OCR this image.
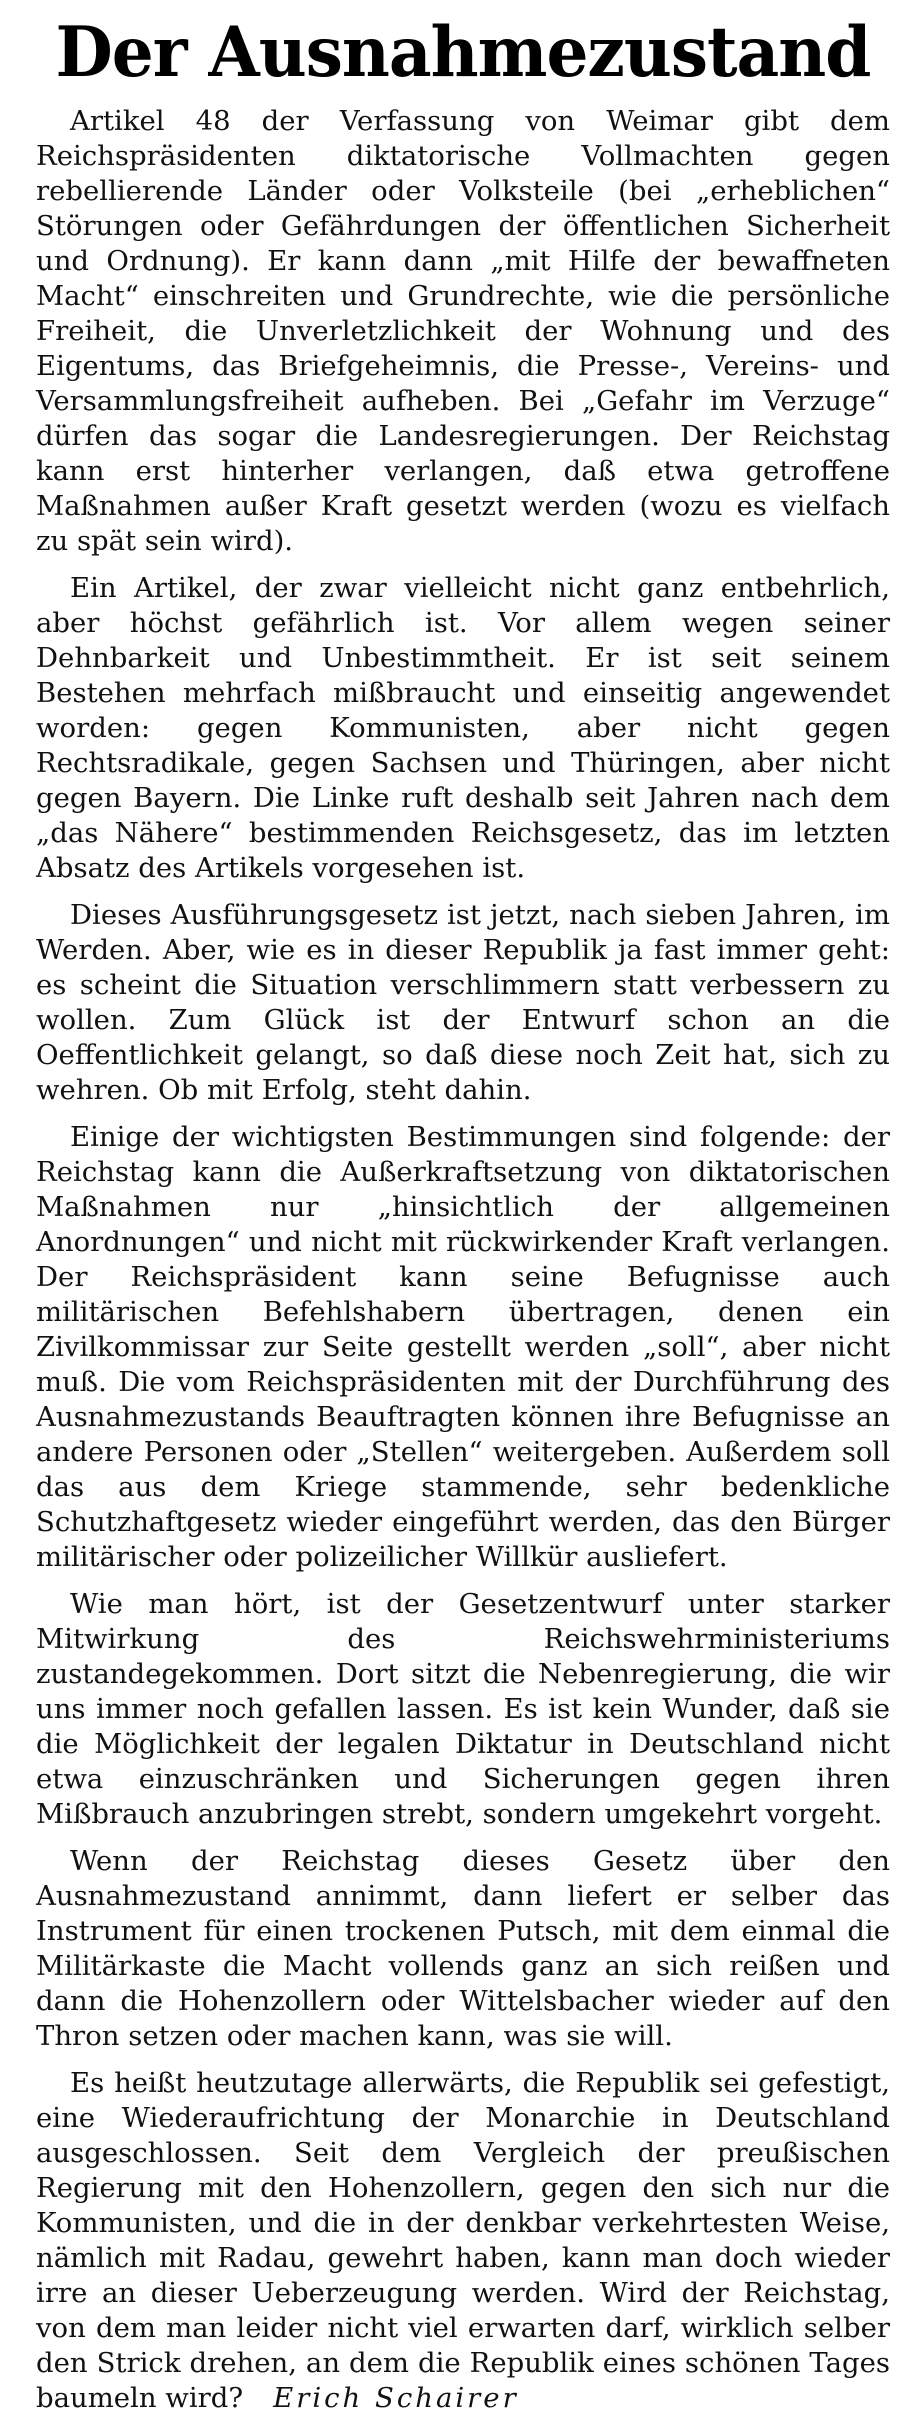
Der Ausnahmezustand

Artikel 48 der Verfassung von Weimar gibt dem Reichspräsidenten diktatorische Vollmachten gegen rebellierende Länder oder Volksteile (bei „erheblichen“ Störungen oder Gefährdungen der öffentlichen Sicherheit und Ordnung). Er kann dann „mit Hilfe der bewaffneten Macht“ einschreiten und Grundrechte, wie die persönliche Freiheit, die Unverletzlichkeit der Wohnung und des Eigentums, das Briefgeheimnis, die Presse-, Vereins- und Versammlungsfreiheit aufheben. Bei „Gefahr im Verzuge“ dürfen das sogar die Landesregierungen. Der Reichstag kann erst hinterher verlangen, daß etwa getroffene Maßnahmen außer Kraft gesetzt werden (wozu es vielfach zu spät sein wird).

Ein Artikel, der zwar vielleicht nicht ganz entbehrlich, aber höchst gefährlich ist. Vor allem wegen seiner Dehnbarkeit und Unbestimmtheit. Er ist seit seinem Bestehen mehrfach mißbraucht und einseitig angewendet worden: gegen Kommunisten, aber nicht gegen Rechtsradikale, gegen Sachsen und Thüringen, aber nicht gegen Bayern. Die Linke ruft deshalb seit Jahren nach dem „das Nähere“ bestimmenden Reichsgesetz, das im letzten Absatz des Artikels vorgesehen ist.

Dieses Ausführungsgesetz ist jetzt, nach sieben Jahren, im Werden. Aber, wie es in dieser Republik ja fast immer geht: es scheint die Situation verschlimmern statt verbessern zu wollen. Zum Glück ist der Entwurf schon an die Oeffentlichkeit gelangt, so daß diese noch Zeit hat, sich zu wehren. Ob mit Erfolg, steht dahin.

Einige der wichtigsten Bestimmungen sind folgende: der Reichstag kann die Außerkraftsetzung von diktatorischen Maßnahmen nur „hinsichtlich der allgemeinen Anordnungen“ und nicht mit rückwirkender Kraft verlangen. Der Reichspräsident kann seine Befugnisse auch militärischen Befehlshabern übertragen, denen ein Zivilkommissar zur Seite gestellt werden „soll“, aber nicht muß. Die vom Reichspräsidenten mit der Durchführung des Ausnahmezustands Beauftragten können ihre Befugnisse an andere Personen oder „Stellen“ weitergeben. Außerdem soll das aus dem Kriege stammende, sehr bedenkliche Schutzhaftgesetz wieder eingeführt werden, das den Bürger militärischer oder polizeilicher Willkür ausliefert.

Wie man hört, ist der Gesetzentwurf unter starker Mitwirkung des Reichswehrministeriums zustandegekommen. Dort sitzt die Nebenregierung, die wir uns immer noch gefallen lassen. Es ist kein Wunder, daß sie die Möglichkeit der legalen Diktatur in Deutschland nicht etwa einzuschränken und Sicherungen gegen ihren Mißbrauch anzubringen strebt, sondern umgekehrt vorgeht.

Wenn der Reichstag dieses Gesetz über den Ausnahmezustand annimmt, dann liefert er selber das Instrument für einen trockenen Putsch, mit dem einmal die Militärkaste die Macht vollends ganz an sich reißen und dann die Hohenzollern oder Wittelsbacher wieder auf den Thron setzen oder machen kann, was sie will.

Es heißt heutzutage allerwärts, die Republik sei gefestigt, eine Wiederaufrichtung der Monarchie in Deutschland ausgeschlossen. Seit dem Vergleich der preußischen Regierung mit den Hohenzollern, gegen den sich nur die Kommunisten, und die in der denkbar verkehrtesten Weise, nämlich mit Radau, gewehrt haben, kann man doch wieder irre an dieser Ueberzeugung werden. Wird der Reichstag, von dem man leider nicht viel erwarten darf, wirklich selber den Strick drehen, an dem die Republik eines schönen Tages baumeln wird? Erich Schairer
